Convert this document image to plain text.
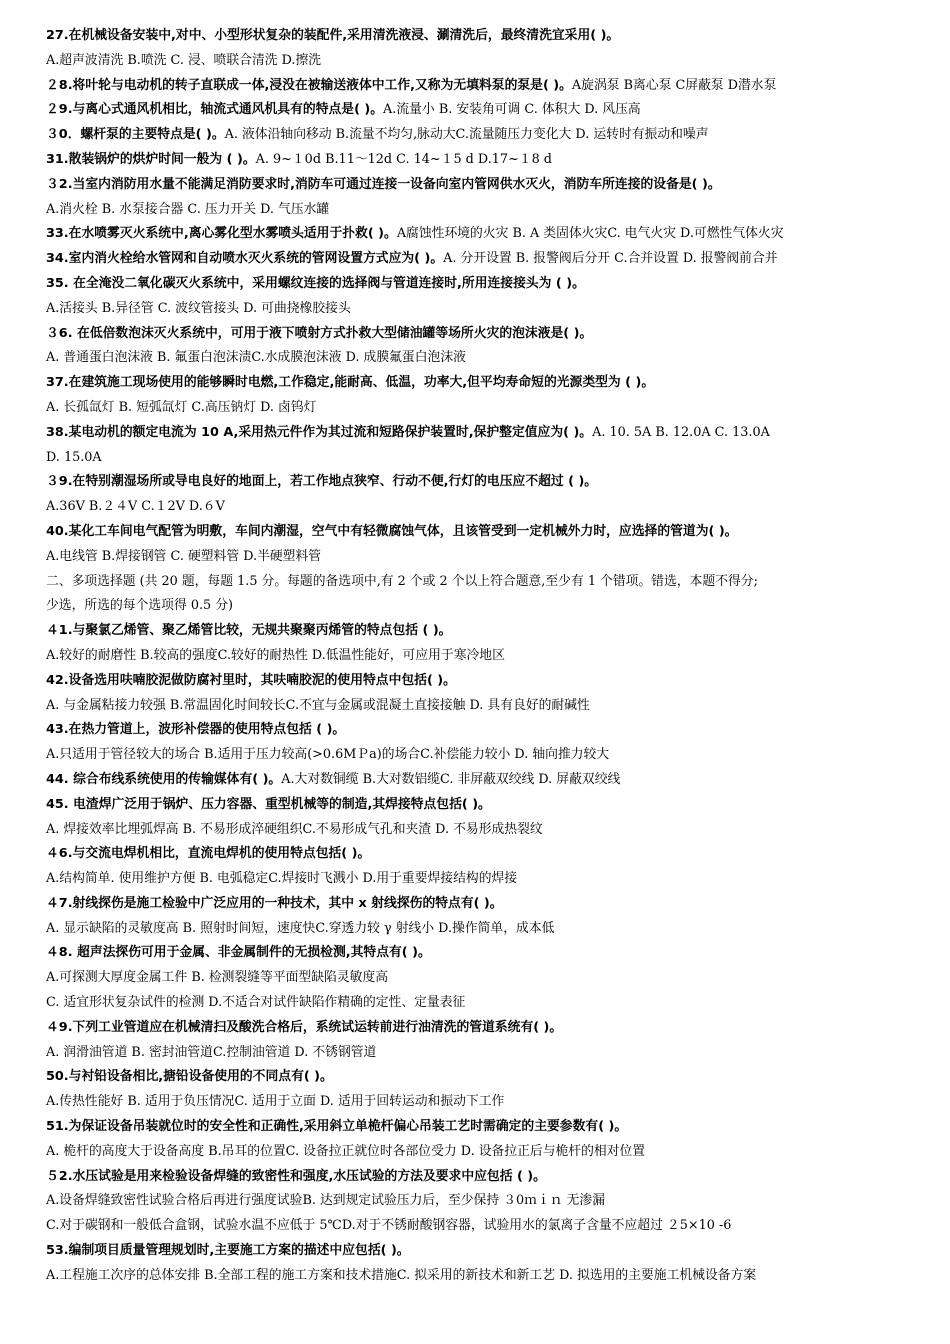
27.在机械设备安装中,对中、小型形状复杂的装配件,采用清洗液浸、涮清洗后，最终清洗宜采用( )。
A.超声波清洗 B.喷洗 C. 浸、喷联合清洗 D.擦洗
２8.将叶轮与电动机的转子直联成一体,浸没在被输送液体中工作,又称为无填料泵的泵是( )。A旋涡泵 B离心泵 C屏蔽泵 D潜水泵
２9.与离心式通风机相比，轴流式通风机具有的特点是( )。A.流量小 B. 安装角可调 C. 体积大 D. 风压高
３0．螺杆泵的主要特点是( )。A. 液体沿轴向移动 B.流量不均匀,脉动大C.流量随压力变化大 D. 运转时有振动和噪声
31.散装锅炉的烘炉时间一般为 ( )。A. 9~１0d B.11～12d C. 14~１5 d D.17~１8 d
３2.当室内消防用水量不能满足消防要求时,消防车可通过连接一设备向室内管网供水灭火，消防车所连接的设备是( )。
A.消火栓 B. 水泵接合器 C. 压力开关 D. 气压水罐
33.在水喷雾灭火系统中,离心雾化型水雾喷头适用于扑救( )。A腐蚀性环境的火灾 B. A 类固体火灾C. 电气火灾 D.可燃性气体火灾
34.室内消火栓给水管网和自动喷水灭火系统的管网设置方式应为( )。A. 分开设置 B. 报警阀后分开 C.合并设置 D. 报警阀前合并
35. 在全淹没二氧化碳灭火系统中，采用螺纹连接的选择阀与管道连接时,所用连接接头为 ( )。
A.活接头 B.异径管 C. 波纹管接头 D. 可曲挠橡胶接头
３6. 在低倍数泡沫灭火系统中，可用于液下喷射方式扑救大型储油罐等场所火灾的泡沫液是( )。
A. 普通蛋白泡沫液 B. 氟蛋白泡沫渍C.水成膜泡沫液 D. 成膜氟蛋白泡沫液
37.在建筑施工现场使用的能够瞬时电燃,工作稳定,能耐高、低温，功率大,但平均寿命短的光源类型为 ( )。
A. 长孤氙灯 B. 短弧氙灯 C.高压钠灯 D. 卤钨灯
38.某电动机的额定电流为 10 A,采用热元件作为其过流和短路保护装置时,保护整定值应为( )。A. 10. 5A B. 12.0A C. 13.0A
D. 15.0A
３9.在特别潮湿场所或导电良好的地面上，若工作地点狭窄、行动不便,行灯的电压应不超过 ( )。
A.36V B.２４V C.１2V D.６V
40.某化工车间电气配管为明敷，车间内潮湿，空气中有轻微腐蚀气体，且该管受到一定机械外力时，应选择的管道为( )。
A.电线管 B.焊接钢管 C. 硬塑料管 D.半硬塑料管
二、多项选择题 (共 20 题，每题 1.5 分。每题的备选项中,有 2 个或 2 个以上符合题意,至少有 1 个错项。错选，本题不得分;
少选，所选的每个选项得 0.5 分)
４1.与聚氯乙烯管、聚乙烯管比较，无规共聚聚丙烯管的特点包括 ( )。
A.较好的耐磨性 B.较高的强度C.较好的耐热性 D.低温性能好，可应用于寒冷地区
42.设备选用呋喃胶泥做防腐衬里时，其呋喃胶泥的使用特点中包括( )。
A. 与金属粘接力较强 B.常温固化时间较长C.不宜与金属或混凝土直接接触 D. 具有良好的耐碱性
43.在热力管道上，波形补偿器的使用特点包括 ( )。
A.只适用于管径较大的场合 B.适用于压力较高(>0.6MＰa)的场合C.补偿能力较小 D. 轴向推力较大
44. 综合布线系统使用的传输媒体有( )。A.大对数铜缆 B.大对数铝缆C. 非屏蔽双绞线 D. 屏蔽双绞线
45. 电渣焊广泛用于锅炉、压力容器、重型机械等的制造,其焊接特点包括( )。
A. 焊接效率比埋弧焊高 B. 不易形成淬硬组织C.不易形成气孔和夹渣 D. 不易形成热裂纹
４6.与交流电焊机相比，直流电焊机的使用特点包括( )。
A.结构简单. 使用维护方便 B. 电弧稳定C.焊接时飞溅小 D.用于重要焊接结构的焊接
４7.射线探伤是施工检验中广泛应用的一种技术，其中 x 射线探伤的特点有( )。
A. 显示缺陷的灵敏度高 B. 照射时间短，速度快C.穿透力较 γ 射线小 D.操作简单，成本低
４8. 超声法探伤可用于金属、非金属制件的无损检测,其特点有( )。
A.可探测大厚度金属工件 B. 检测裂缝等平面型缺陷灵敏度高
C. 适宜形状复杂试件的检测 D.不适合对试件缺陷作精确的定性、定量表征
４9.下列工业管道应在机械清扫及酸洗合格后，系统试运转前进行油清洗的管道系统有( )。
A. 润滑油管道 B. 密封油管道C.控制油管道 D. 不锈钢管道
50.与衬铅设备相比,搪铅设备使用的不同点有( )。
A.传热性能好 B. 适用于负压情况C. 适用于立面 D. 适用于回转运动和振动下工作
51.为保证设备吊装就位时的安全性和正确性,采用斜立单桅杆偏心吊装工艺时需确定的主要参数有( )。
A. 桅杆的高度大于设备高度 B.吊耳的位置C. 设备拉正就位时各部位受力 D. 设备拉正后与桅杆的相对位置
５2.水压试验是用来检验设备焊缝的致密性和强度,水压试验的方法及要求中应包括 ( )。
A.设备焊缝致密性试验合格后再进行强度试验B. 达到规定试验压力后，至少保持 ３0ｍｉｎ 无渗漏
C.对于碳钢和一般低合盒钢，试验水温不应低于 5℃D.对于不锈耐酸钢容器，试验用水的氯离子含量不应超过 ２5×10 -6
53.编制项目质量管理规划时,主要施工方案的描述中应包括( )。
A.工程施工次序的总体安排 B.全部工程的施工方案和技术措施C. 拟采用的新技术和新工艺 D. 拟选用的主要施工机械设备方案
